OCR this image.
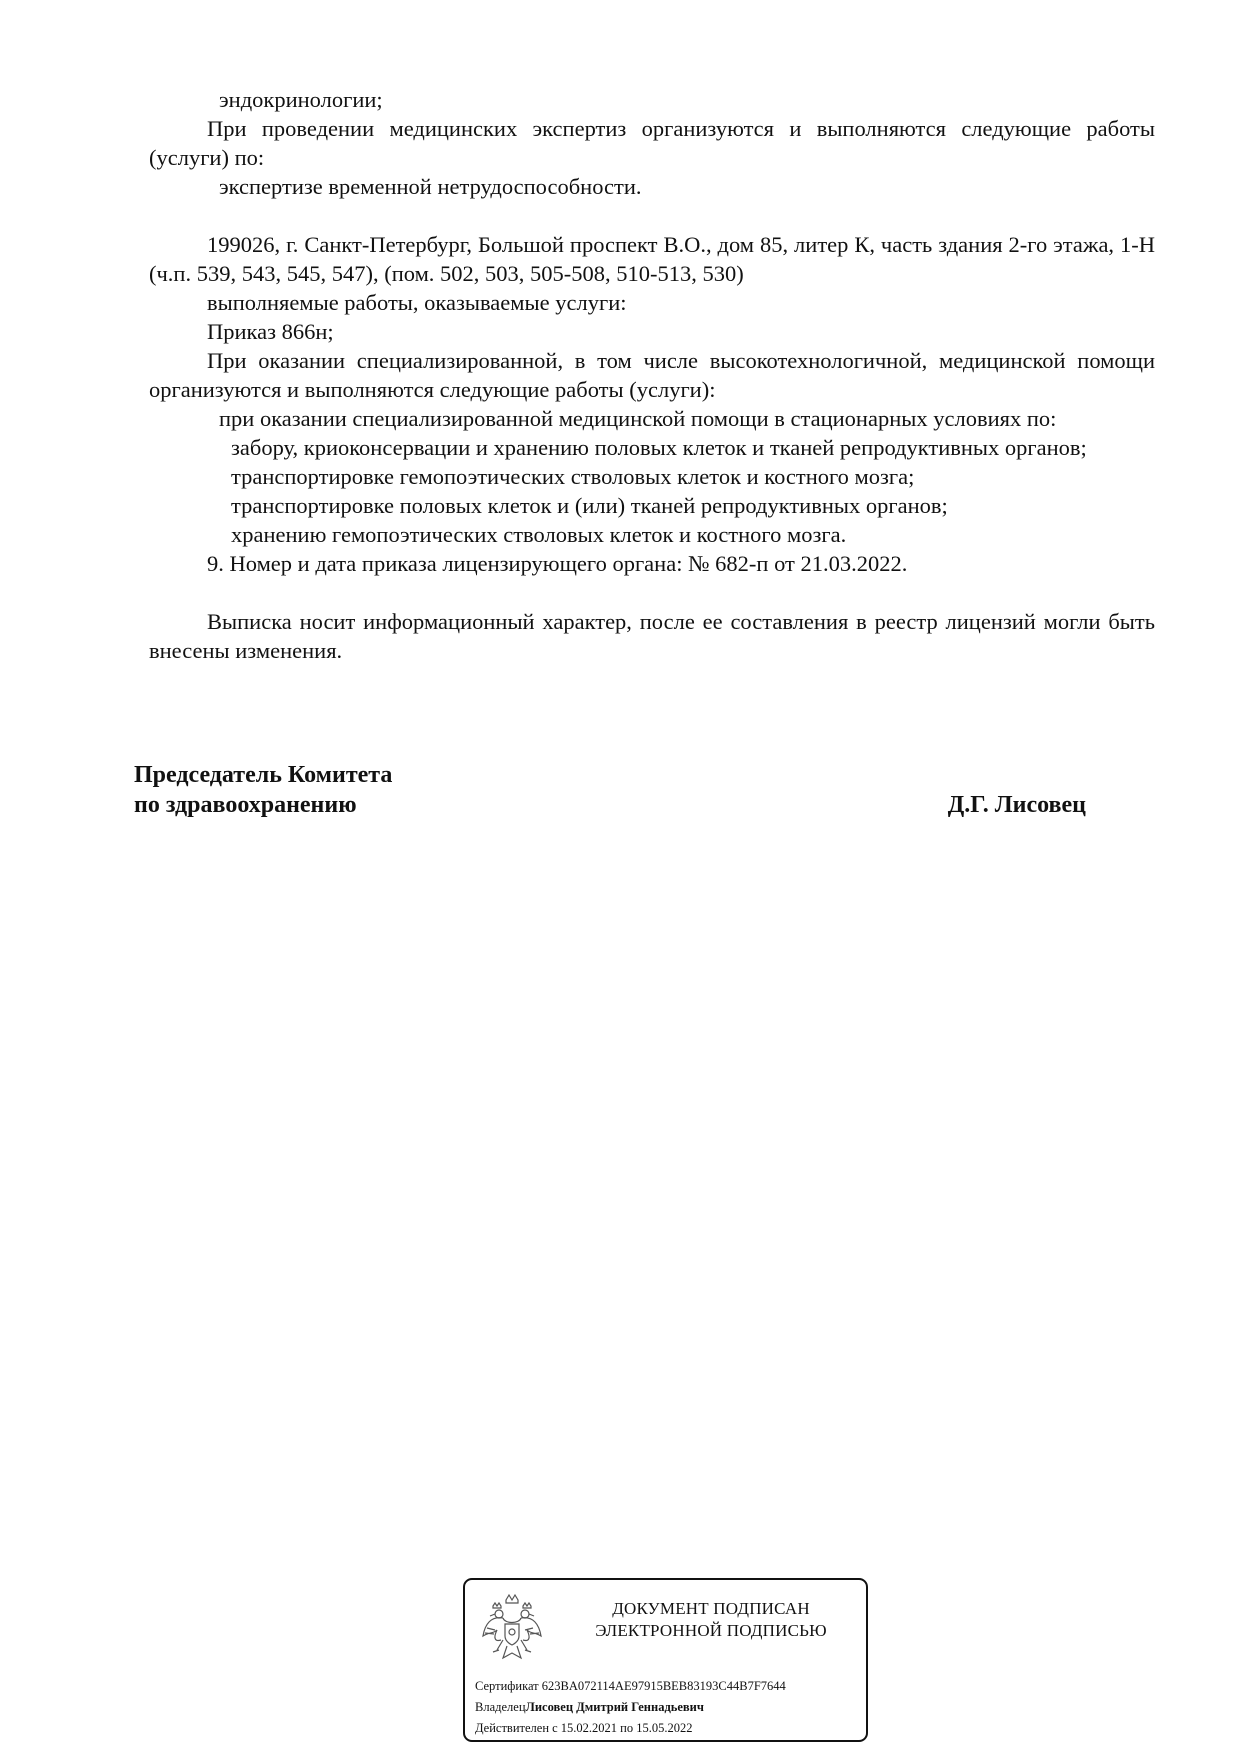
эндокринологии;

При проведении медицинских экспертиз организуются и выполняются следующие работы (услуги) по:

экспертизе временной нетрудоспособности.

199026, г. Санкт-Петербург, Большой проспект В.О., дом 85, литер К, часть здания 2-го этажа, 1-Н (ч.п. 539, 543, 545, 547), (пом. 502, 503, 505-508, 510-513, 530)

выполняемые работы, оказываемые услуги:

Приказ 866н;

При оказании специализированной, в том числе высокотехнологичной, медицинской помощи организуются и выполняются следующие работы (услуги):

при оказании специализированной медицинской помощи в стационарных условиях по:

забору, криоконсервации и хранению половых клеток и тканей репродуктивных органов;

транспортировке гемопоэтических стволовых клеток и костного мозга;

транспортировке половых клеток и (или) тканей репродуктивных органов;

хранению гемопоэтических стволовых клеток и костного мозга.

9. Номер и дата приказа лицензирующего органа: № 682-п от 21.03.2022.

Выписка носит информационный характер, после ее составления в реестр лицензий могли быть внесены изменения.

Председатель Комитета
по здравоохранению	Д.Г. Лисовец
ДОКУМЕНТ ПОДПИСАН
ЭЛЕКТРОННОЙ ПОДПИСЬЮ
Сертификат 623BA072114AE97915BEB83193C44B7F7644
ВладелецЛисовец Дмитрий Геннадьевич
Действителен с 15.02.2021 по 15.05.2022
